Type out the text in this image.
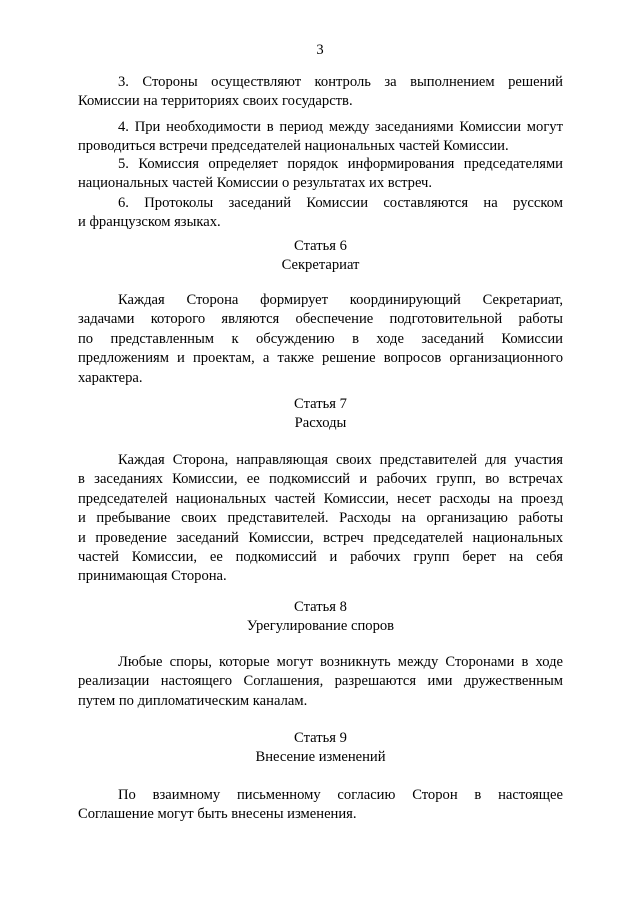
3
3. Стороны осуществляют контроль за выполнением решений
Комиссии на территориях своих государств.
4. При необходимости в период между заседаниями Комиссии могут
проводиться встречи председателей национальных частей Комиссии.
5. Комиссия определяет порядок информирования председателями
национальных частей Комиссии о результатах их встреч.
6. Протоколы заседаний Комиссии составляются на русском
и французском языках.
Статья 6
Секретариат
Каждая Сторона формирует координирующий Секретариат,
задачами которого являются обеспечение подготовительной работы
по представленным к обсуждению в ходе заседаний Комиссии
предложениям и проектам, а также решение вопросов организационного
характера.
Статья 7
Расходы
Каждая Сторона, направляющая своих представителей для участия
в заседаниях Комиссии, ее подкомиссий и рабочих групп, во встречах
председателей национальных частей Комиссии, несет расходы на проезд
и пребывание своих представителей. Расходы на организацию работы
и проведение заседаний Комиссии, встреч председателей национальных
частей Комиссии, ее подкомиссий и рабочих групп берет на себя
принимающая Сторона.
Статья 8
Урегулирование споров
Любые споры, которые могут возникнуть между Сторонами в ходе
реализации настоящего Соглашения, разрешаются ими дружественным
путем по дипломатическим каналам.
Статья 9
Внесение изменений
По взаимному письменному согласию Сторон в настоящее
Соглашение могут быть внесены изменения.
